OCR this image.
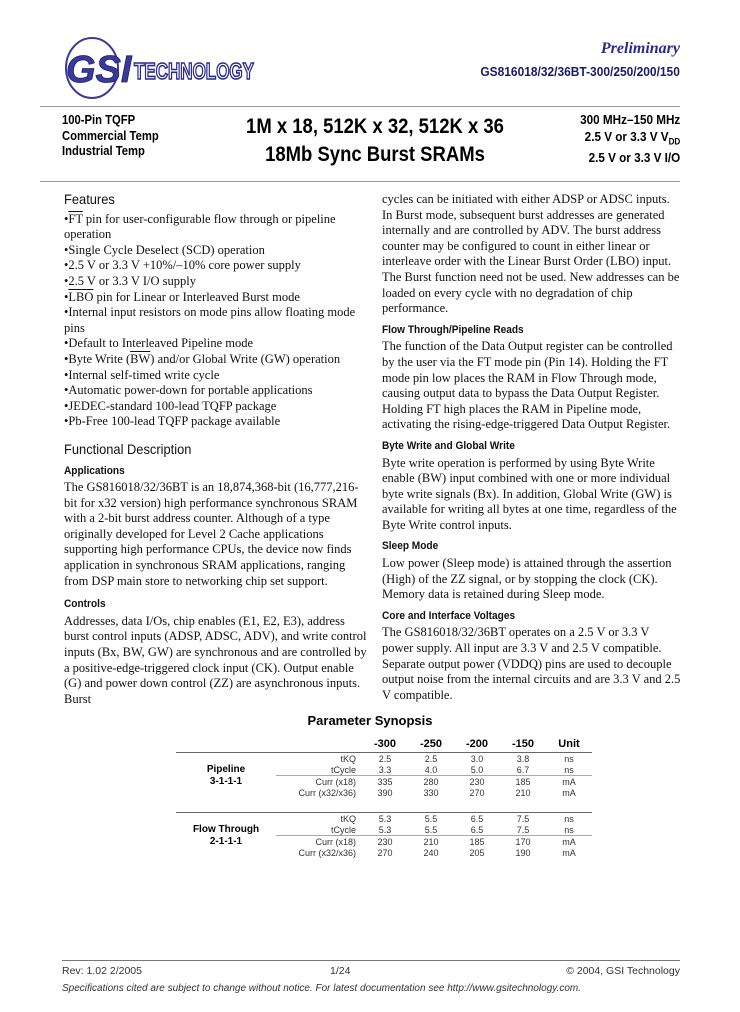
GSI TECHNOLOGY
Preliminary
GS816018/32/36BT-300/250/200/150
100-Pin TQFP
Commercial Temp
Industrial Temp
1M x 18, 512K x 32, 512K x 36
18Mb Sync Burst SRAMs
300 MHz–150 MHz
2.5 V or 3.3 V $V_{DD}$
2.5 V or 3.3 V I/O
Features
• $\overline{FT}$ pin for user-configurable flow through or pipeline operation
• Single Cycle Deselect (SCD) operation
• 2.5 V or 3.3 V +10%/–10% core power supply
• 2.5 V or 3.3 V I/O supply
• $\overline{LBO}$ pin for Linear or Interleaved Burst mode
• Internal input resistors on mode pins allow floating mode pins
• Default to Interleaved Pipeline mode
• Byte Write $(\overline{BW})$ and/or Global Write (GW) operation
• Internal self-timed write cycle
• Automatic power-down for portable applications
• JEDEC-standard 100-lead TQFP package
• Pb-Free 100-lead TQFP package available
Functional Description
Applications

The GS816018/32/36BT is an 18,874,368-bit (16,777,216-bit for x32 version) high performance synchronous SRAM with a 2-bit burst address counter. Although of a type originally developed for Level 2 Cache applications supporting high performance CPUs, the device now finds application in synchronous SRAM applications, ranging from DSP main store to networking chip set support.

Controls

Addresses, data I/Os, chip enables (E1, E2, E3), address burst control inputs (ADSP, ADSC, ADV), and write control inputs (Bx, BW, GW) are synchronous and are controlled by a positive-edge-triggered clock input (CK). Output enable (G) and power down control (ZZ) are asynchronous inputs. Burst

cycles can be initiated with either ADSP or ADSC inputs. In Burst mode, subsequent burst addresses are generated internally and are controlled by ADV. The burst address counter may be configured to count in either linear or interleave order with the Linear Burst Order (LBO) input. The Burst function need not be used. New addresses can be loaded on every cycle with no degradation of chip performance.

Flow Through/Pipeline Reads

The function of the Data Output register can be controlled by the user via the FT mode pin (Pin 14). Holding the FT mode pin low places the RAM in Flow Through mode, causing output data to bypass the Data Output Register. Holding FT high places the RAM in Pipeline mode, activating the rising-edge-triggered Data Output Register.

Byte Write and Global Write

Byte write operation is performed by using Byte Write enable (BW) input combined with one or more individual byte write signals (Bx). In addition, Global Write (GW) is available for writing all bytes at one time, regardless of the Byte Write control inputs.

Sleep Mode

Low power (Sleep mode) is attained through the assertion (High) of the ZZ signal, or by stopping the clock (CK). Memory data is retained during Sleep mode.

Core and Interface Voltages

The GS816018/32/36BT operates on a 2.5 V or 3.3 V power supply. All input are 3.3 V and 2.5 V compatible. Separate output power (VDDQ) pins are used to decouple output noise from the internal circuits and are 3.3 V and 2.5 V compatible.

Parameter Synopsis
		-300	-250	-200	-150	Unit

Pipeline
3-1-1-1	tKQ	2.5	2.5	3.0	3.8	ns
	tCycle	3.3	4.0	5.0	6.7	ns
	Curr (x18)	335	280	230	185	mA
	Curr (x32/x36)	390	330	270	210	mA

Flow Through
2-1-1-1	tKQ	5.3	5.5	6.5	7.5	ns
	tCycle	5.3	5.5	6.5	7.5	ns
	Curr (x18)	230	210	185	170	mA
	Curr (x32/x36)	270	240	205	190	mA
Rev: 1.02 2/2005	1/24	© 2004, GSI Technology
Specifications cited are subject to change without notice. For latest documentation see http://www.gsitechnology.com.
